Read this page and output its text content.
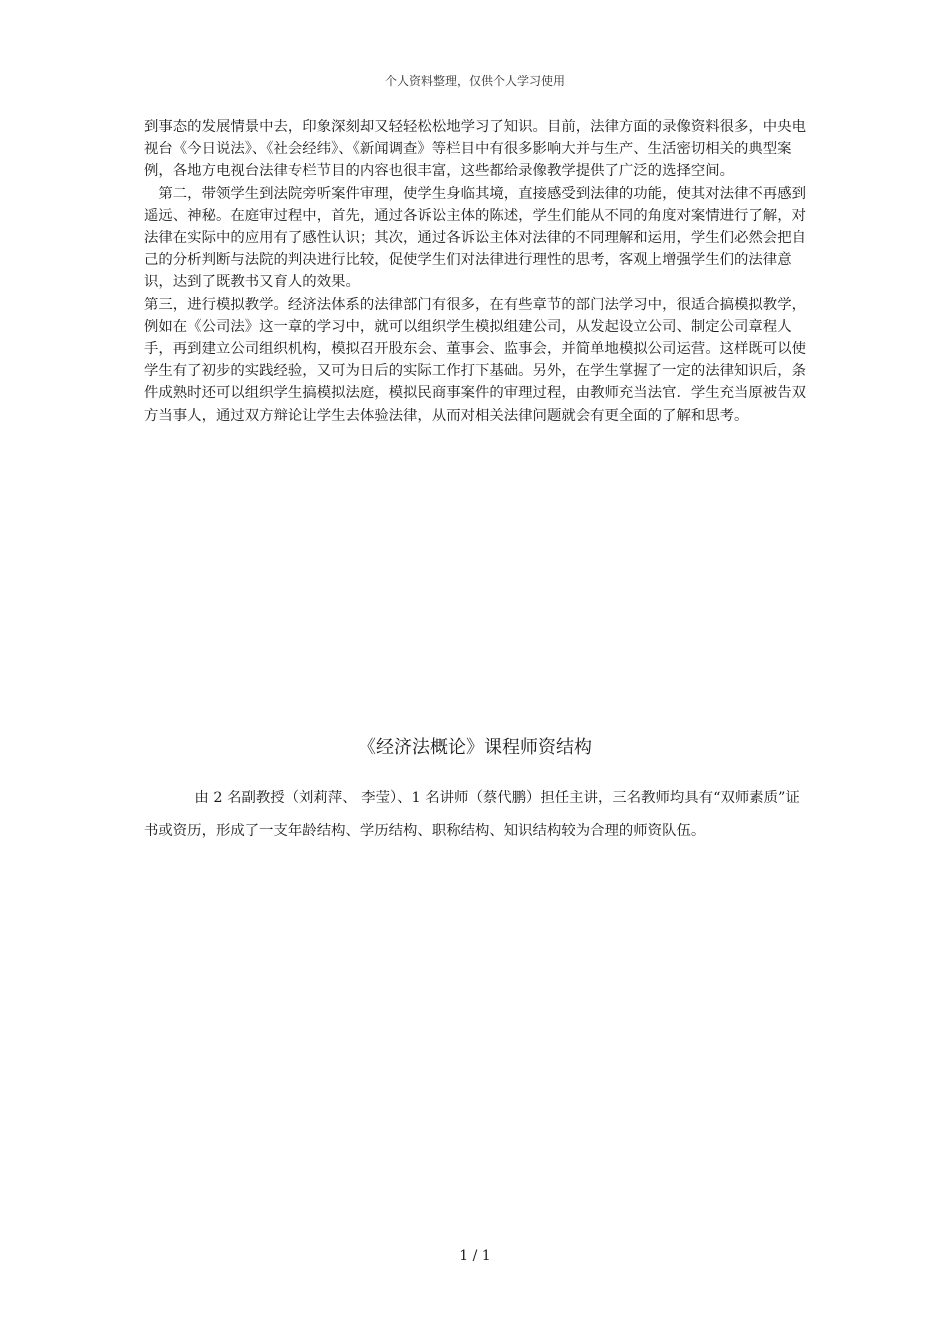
个人资料整理，仅供个人学习使用

到事态的发展情景中去，印象深刻却又轻轻松松地学习了知识。目前，法律方面的录像资料很多，中央电视台《今日说法》、《社会经纬》、《新闻调查》等栏目中有很多影响大并与生产、生活密切相关的典型案例，各地方电视台法律专栏节目的内容也很丰富，这些都给录像教学提供了广泛的选择空间。

第二，带领学生到法院旁听案件审理，使学生身临其境，直接感受到法律的功能，使其对法律不再感到遥远、神秘。在庭审过程中，首先，通过各诉讼主体的陈述，学生们能从不同的角度对案情进行了解，对法律在实际中的应用有了感性认识；其次，通过各诉讼主体对法律的不同理解和运用，学生们必然会把自己的分析判断与法院的判决进行比较，促使学生们对法律进行理性的思考，客观上增强学生们的法律意识，达到了既教书又育人的效果。

第三，进行模拟教学。经济法体系的法律部门有很多，在有些章节的部门法学习中，很适合搞模拟教学，例如在《公司法》这一章的学习中，就可以组织学生模拟组建公司，从发起设立公司、制定公司章程人手，再到建立公司组织机构，模拟召开股东会、董事会、监事会，并简单地模拟公司运营。这样既可以使学生有了初步的实践经验，又可为日后的实际工作打下基础。另外，在学生掌握了一定的法律知识后，条件成熟时还可以组织学生搞模拟法庭，模拟民商事案件的审理过程，由教师充当法官．学生充当原被告双方当事人，通过双方辩论让学生去体验法律，从而对相关法律问题就会有更全面的了解和思考。

《经济法概论》课程师资结构

由 2 名副教授（刘莉萍、 李莹）、1 名讲师（蔡代鹏）担任主讲，三名教师均具有“双师素质”证书或资历，形成了一支年龄结构、学历结构、职称结构、知识结构较为合理的师资队伍。

1 / 1
